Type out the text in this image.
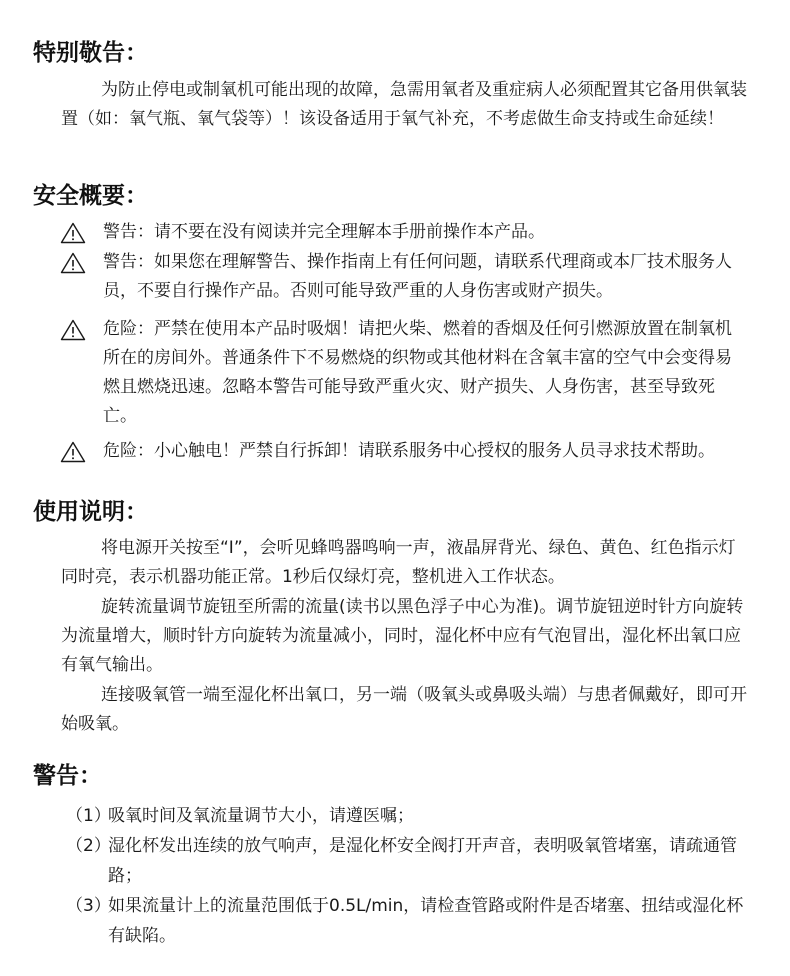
特别敬告：

为防止停电或制氧机可能出现的故障，急需用氧者及重症病人必须配置其它备用供氧装置（如：氧气瓶、氧气袋等）！该设备适用于氧气补充，不考虑做生命支持或生命延续！

安全概要：

警告：请不要在没有阅读并完全理解本手册前操作本产品。

警告：如果您在理解警告、操作指南上有任何问题，请联系代理商或本厂技术服务人员，不要自行操作产品。否则可能导致严重的人身伤害或财产损失。

危险：严禁在使用本产品时吸烟！请把火柴、燃着的香烟及任何引燃源放置在制氧机所在的房间外。普通条件下不易燃烧的织物或其他材料在含氧丰富的空气中会变得易燃且燃烧迅速。忽略本警告可能导致严重火灾、财产损失、人身伤害，甚至导致死亡。

危险：小心触电！严禁自行拆卸！请联系服务中心授权的服务人员寻求技术帮助。

使用说明：

将电源开关按至“I”，会听见蜂鸣器鸣响一声，液晶屏背光、绿色、黄色、红色指示灯同时亮，表示机器功能正常。1秒后仅绿灯亮，整机进入工作状态。

旋转流量调节旋钮至所需的流量(读书以黑色浮子中心为准)。调节旋钮逆时针方向旋转为流量增大，顺时针方向旋转为流量减小，同时，湿化杯中应有气泡冒出，湿化杯出氧口应有氧气输出。

连接吸氧管一端至湿化杯出氧口，另一端（吸氧头或鼻吸头端）与患者佩戴好，即可开始吸氧。

警告：
（1）

吸氧时间及氧流量调节大小，请遵医嘱；

（2）

湿化杯发出连续的放气响声，是湿化杯安全阀打开声音，表明吸氧管堵塞，请疏通管路；

（3）

如果流量计上的流量范围低于0.5L/min，请检查管路或附件是否堵塞、扭结或湿化杯有缺陷。
